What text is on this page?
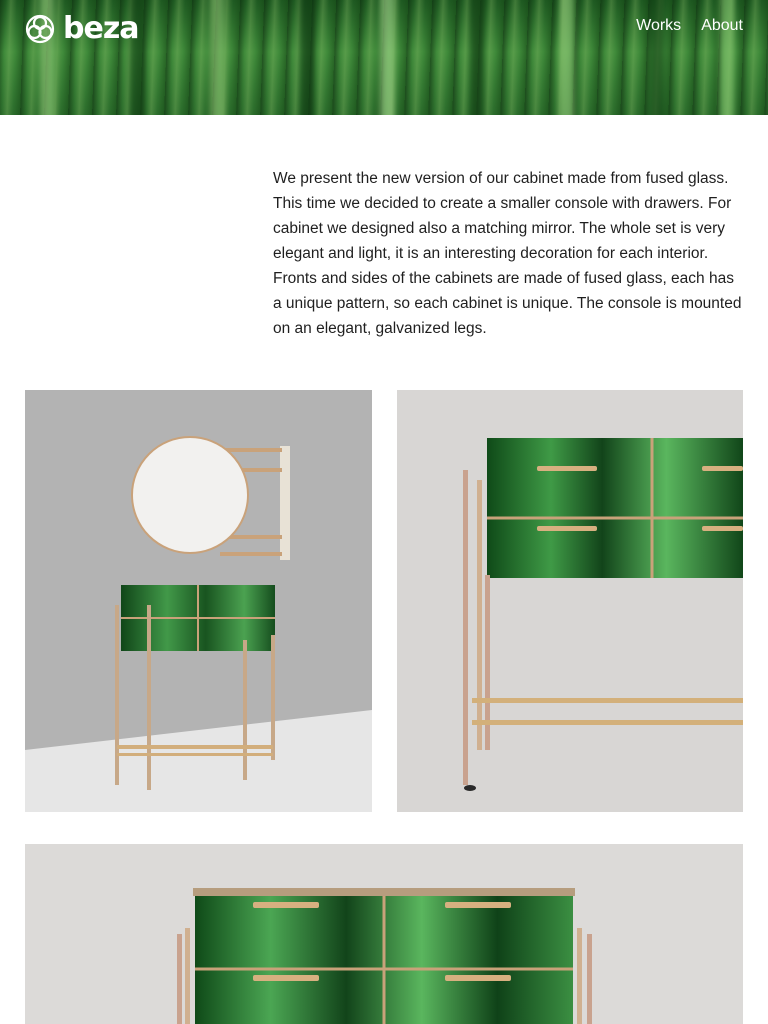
beza	Works About

We present the new version of our cabinet made from fused glass. This time we decided to create a smaller console with drawers. For cabinet we designed also a matching mirror. The whole set is very elegant and light, it is an interesting decoration for each interior. Fronts and sides of the cabinets are made of fused glass, each has a unique pattern, so each cabinet is unique. The console is mounted on an elegant, galvanized legs.
